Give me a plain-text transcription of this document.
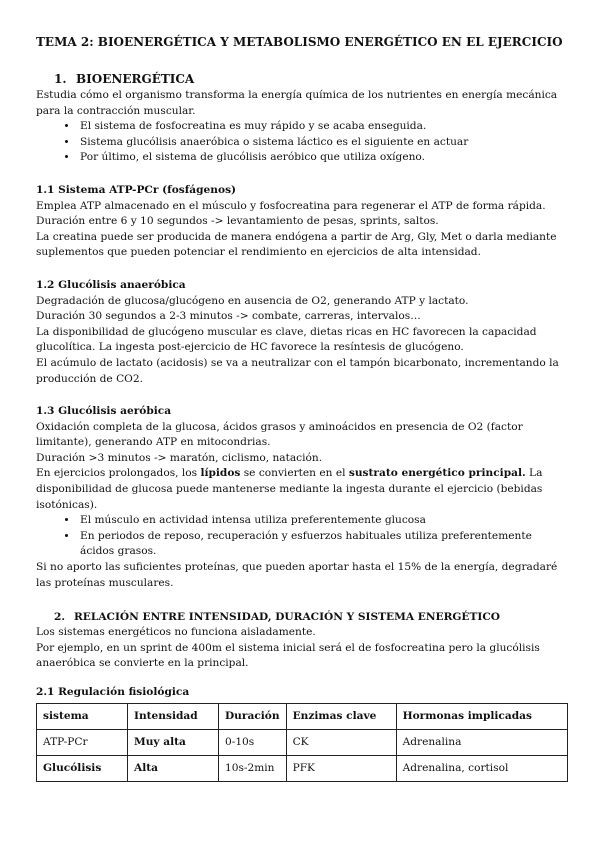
TEMA 2: BIOENERGÉTICA Y METABOLISMO ENERGÉTICO EN EL EJERCICIO
1. BIOENERGÉTICA

Estudia cómo el organismo transforma la energía química de los nutrientes en energía mecánica para la contracción muscular.

• El sistema de fosfocreatina es muy rápido y se acaba enseguida.
• Sistema glucólisis anaeróbica o sistema láctico es el siguiente en actuar
• Por último, el sistema de glucólisis aeróbico que utiliza oxígeno.
1.1 Sistema ATP-PCr (fosfágenos)

Emplea ATP almacenado en el músculo y fosfocreatina para regenerar el ATP de forma rápida.

Duración entre 6 y 10 segundos -> levantamiento de pesas, sprints, saltos.

La creatina puede ser producida de manera endógena a partir de Arg, Gly, Met o darla mediante suplementos que pueden potenciar el rendimiento en ejercicios de alta intensidad.

1.2 Glucólisis anaeróbica

Degradación de glucosa/glucógeno en ausencia de O2, generando ATP y lactato.

Duración 30 segundos a 2-3 minutos -> combate, carreras, intervalos…

La disponibilidad de glucógeno muscular es clave, dietas ricas en HC favorecen la capacidad glucolítica. La ingesta post-ejercicio de HC favorece la resíntesis de glucógeno.

El acúmulo de lactato (acidosis) se va a neutralizar con el tampón bicarbonato, incrementando la producción de CO2.

1.3 Glucólisis aeróbica

Oxidación completa de la glucosa, ácidos grasos y aminoácidos en presencia de O2 (factor limitante), generando ATP en mitocondrias.

Duración >3 minutos -> maratón, ciclismo, natación.

En ejercicios prolongados, los lípidos se convierten en el sustrato energético principal. La disponibilidad de glucosa puede mantenerse mediante la ingesta durante el ejercicio (bebidas isotónicas).

• El músculo en actividad intensa utiliza preferentemente glucosa
• En periodos de reposo, recuperación y esfuerzos habituales utiliza preferentemente ácidos grasos.

Si no aporto las suficientes proteínas, que pueden aportar hasta el 15% de la energía, degradaré las proteínas musculares.

2. RELACIÓN ENTRE INTENSIDAD, DURACIÓN Y SISTEMA ENERGÉTICO

Los sistemas energéticos no funciona aisladamente.

Por ejemplo, en un sprint de 400m el sistema inicial será el de fosfocreatina pero la glucólisis anaeróbica se convierte en la principal.

2.1 Regulación fisiológica
sistema	Intensidad	Duración	Enzimas clave	Hormonas implicadas
ATP-PCr	Muy alta	0-10s	CK	Adrenalina
Glucólisis	Alta	10s-2min	PFK	Adrenalina, cortisol
